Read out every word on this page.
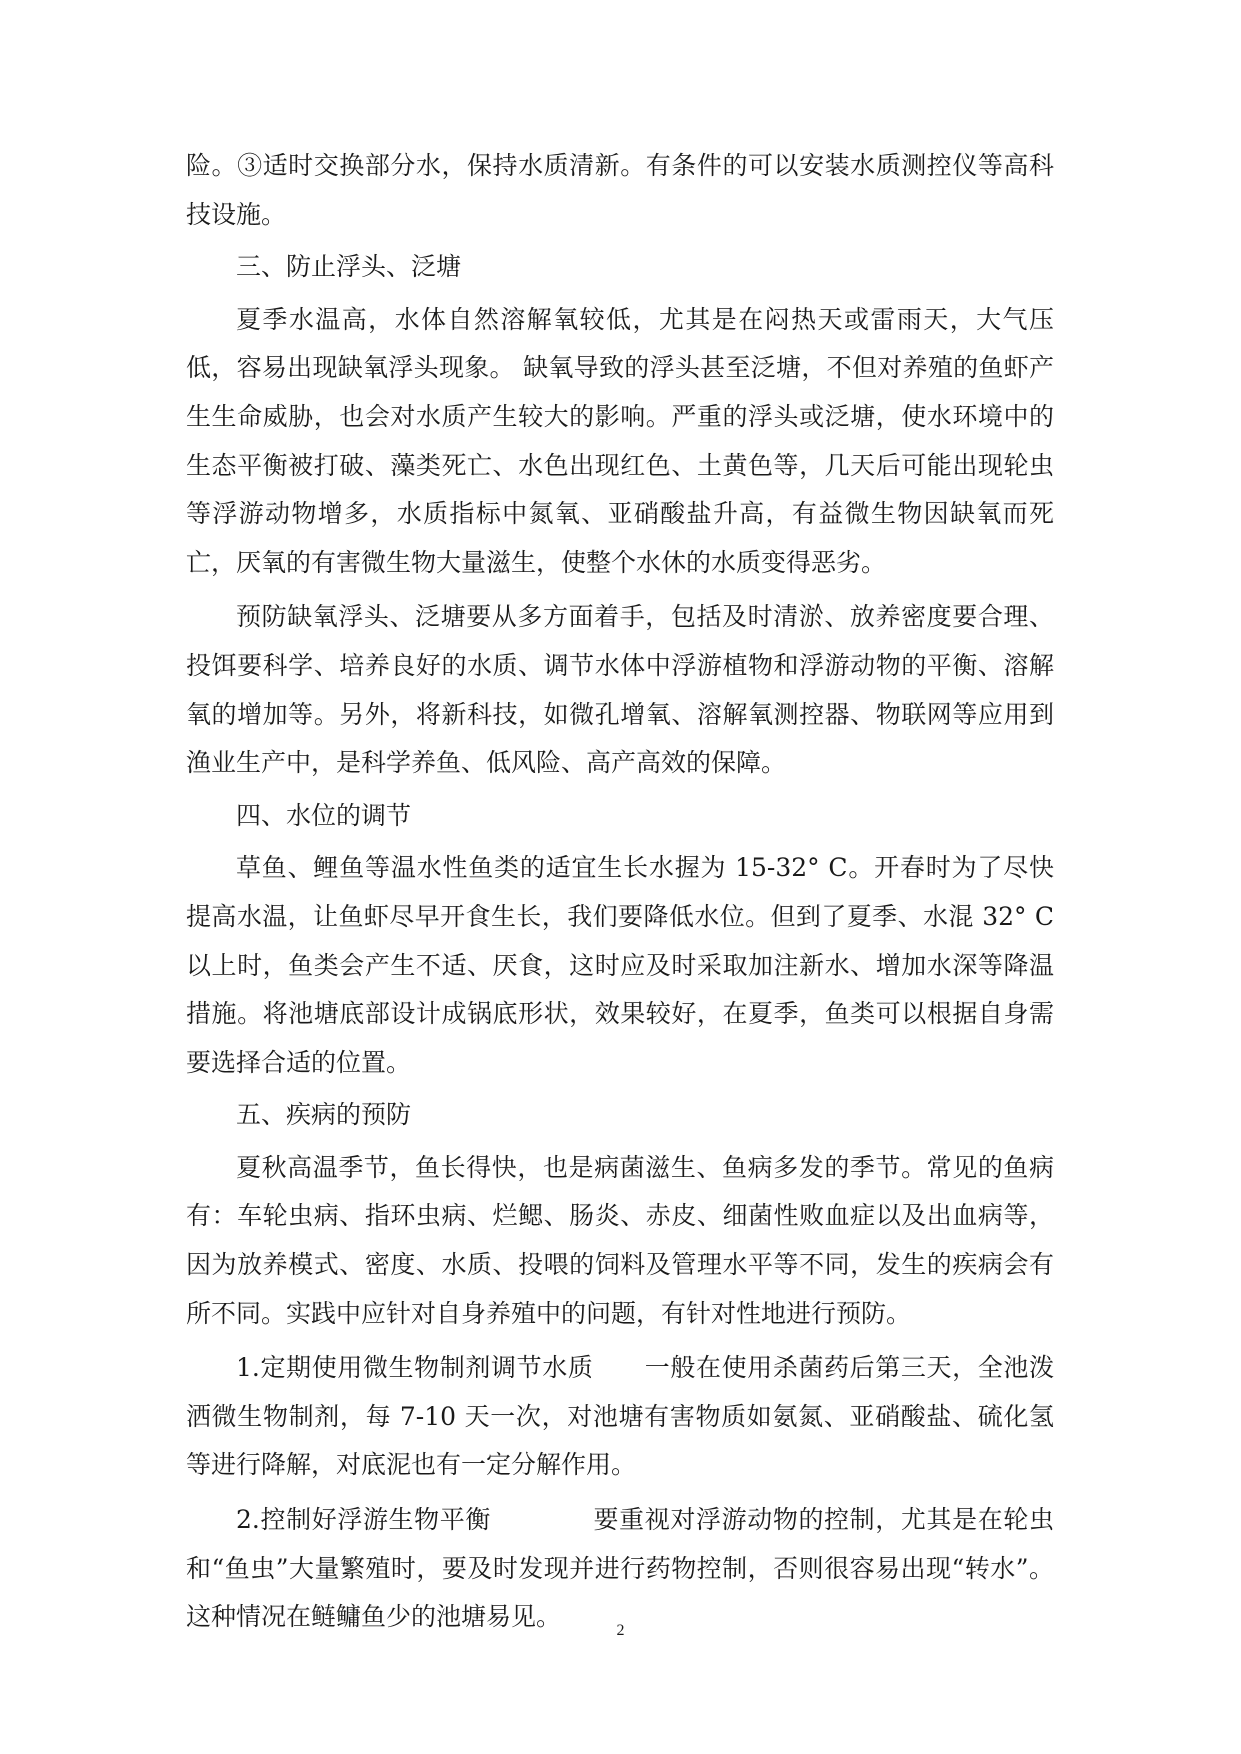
险。③适时交换部分水，保持水质清新。有条件的可以安装水质测控仪等高科技设施。

三、防止浮头、泛塘

夏季水温高，水体自然溶解氧较低，尤其是在闷热天或雷雨天，大气压低，容易出现缺氧浮头现象。 缺氧导致的浮头甚至泛塘，不但对养殖的鱼虾产生生命威胁，也会对水质产生较大的影响。严重的浮头或泛塘，使水环境中的生态平衡被打破、藻类死亡、水色出现红色、土黄色等，几天后可能出现轮虫等浮游动物增多，水质指标中氮氧、亚硝酸盐升高，有益微生物因缺氧而死亡，厌氧的有害微生物大量滋生，使整个水休的水质变得恶劣。

预防缺氧浮头、泛塘要从多方面着手，包括及时清淤、放养密度要合理、投饵要科学、培养良好的水质、调节水体中浮游植物和浮游动物的平衡、溶解氧的增加等。另外，将新科技，如微孔增氧、溶解氧测控器、物联网等应用到渔业生产中，是科学养鱼、低风险、高产高效的保障。

四、水位的调节

草鱼、鲤鱼等温水性鱼类的适宜生长水握为 15-32° C。开春时为了尽快提高水温，让鱼虾尽早开食生长，我们要降低水位。但到了夏季、水混 32° C以上时，鱼类会产生不适、厌食，这时应及时采取加注新水、增加水深等降温措施。将池塘底部设计成锅底形状，效果较好，在夏季，鱼类可以根据自身需要选择合适的位置。

五、疾病的预防

夏秋高温季节，鱼长得快，也是病菌滋生、鱼病多发的季节。常见的鱼病有：车轮虫病、指环虫病、烂鳃、肠炎、赤皮、细菌性败血症以及出血病等，因为放养模式、密度、水质、投喂的饲料及管理水平等不同，发生的疾病会有所不同。实践中应针对自身养殖中的问题，有针对性地进行预防。

1.定期使用微生物制剂调节水质　　一般在使用杀菌药后第三天，全池泼洒微生物制剂，每 7-10 天一次，对池塘有害物质如氨氮、亚硝酸盐、硫化氢等进行降解，对底泥也有一定分解作用。

2.控制好浮游生物平衡　　　　要重视对浮游动物的控制，尤其是在轮虫和“鱼虫”大量繁殖时，要及时发现并进行药物控制，否则很容易出现“转水”。这种情况在鲢鳙鱼少的池塘易见。	2
